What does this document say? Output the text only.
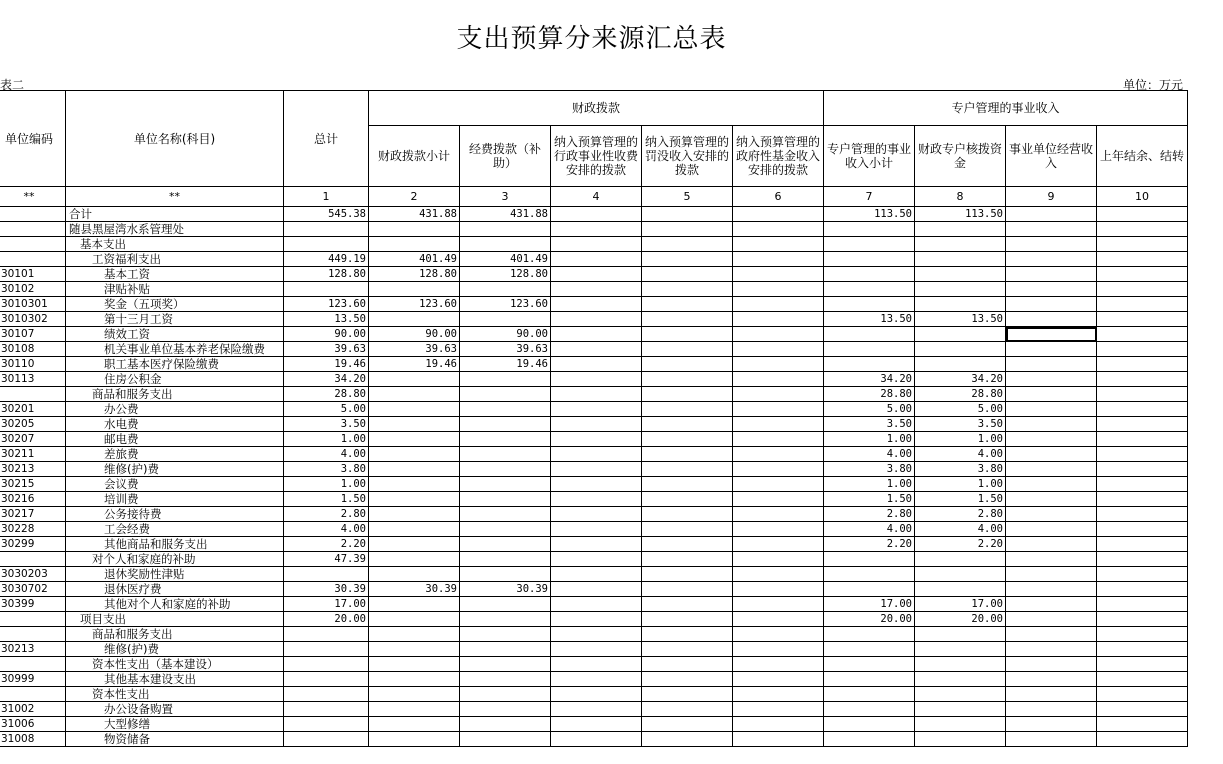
支出预算分来源汇总表
表二	单位：万元
单位编码	单位名称(科目)	总计	财政拨款					专户管理的事业收入			
			财政拨款小计	经费拨款（补助）	纳入预算管理的行政事业性收费安排的拨款	纳入预算管理的罚没收入安排的拨款	纳入预算管理的政府性基金收入安排的拨款	专户管理的事业收入小计	财政专户核拨资金	事业单位经营收入	上年结余、结转
**	**	1	2	3	4	5	6	7	8	9	10
	合计	545.38	431.88	431.88				113.50	113.50		
	随县黑屋湾水系管理处										
	基本支出										
	工资福利支出	449.19	401.49	401.49							
30101	基本工资	128.80	128.80	128.80							
30102	津贴补贴										
3010301	奖金（五项奖）	123.60	123.60	123.60							
3010302	第十三月工资	13.50						13.50	13.50		
30107	绩效工资	90.00	90.00	90.00							
30108	机关事业单位基本养老保险缴费	39.63	39.63	39.63							
30110	职工基本医疗保险缴费	19.46	19.46	19.46							
30113	住房公积金	34.20						34.20	34.20		
	商品和服务支出	28.80						28.80	28.80		
30201	办公费	5.00						5.00	5.00		
30205	水电费	3.50						3.50	3.50		
30207	邮电费	1.00						1.00	1.00		
30211	差旅费	4.00						4.00	4.00		
30213	维修(护)费	3.80						3.80	3.80		
30215	会议费	1.00						1.00	1.00		
30216	培训费	1.50						1.50	1.50		
30217	公务接待费	2.80						2.80	2.80		
30228	工会经费	4.00						4.00	4.00		
30299	其他商品和服务支出	2.20						2.20	2.20		
	对个人和家庭的补助	47.39									
3030203	退休奖励性津贴										
3030702	退休医疗费	30.39	30.39	30.39							
30399	其他对个人和家庭的补助	17.00						17.00	17.00		
	项目支出	20.00						20.00	20.00		
	商品和服务支出										
30213	维修(护)费										
	资本性支出（基本建设）										
30999	其他基本建设支出										
	资本性支出										
31002	办公设备购置										
31006	大型修缮										
31008	物资储备										
